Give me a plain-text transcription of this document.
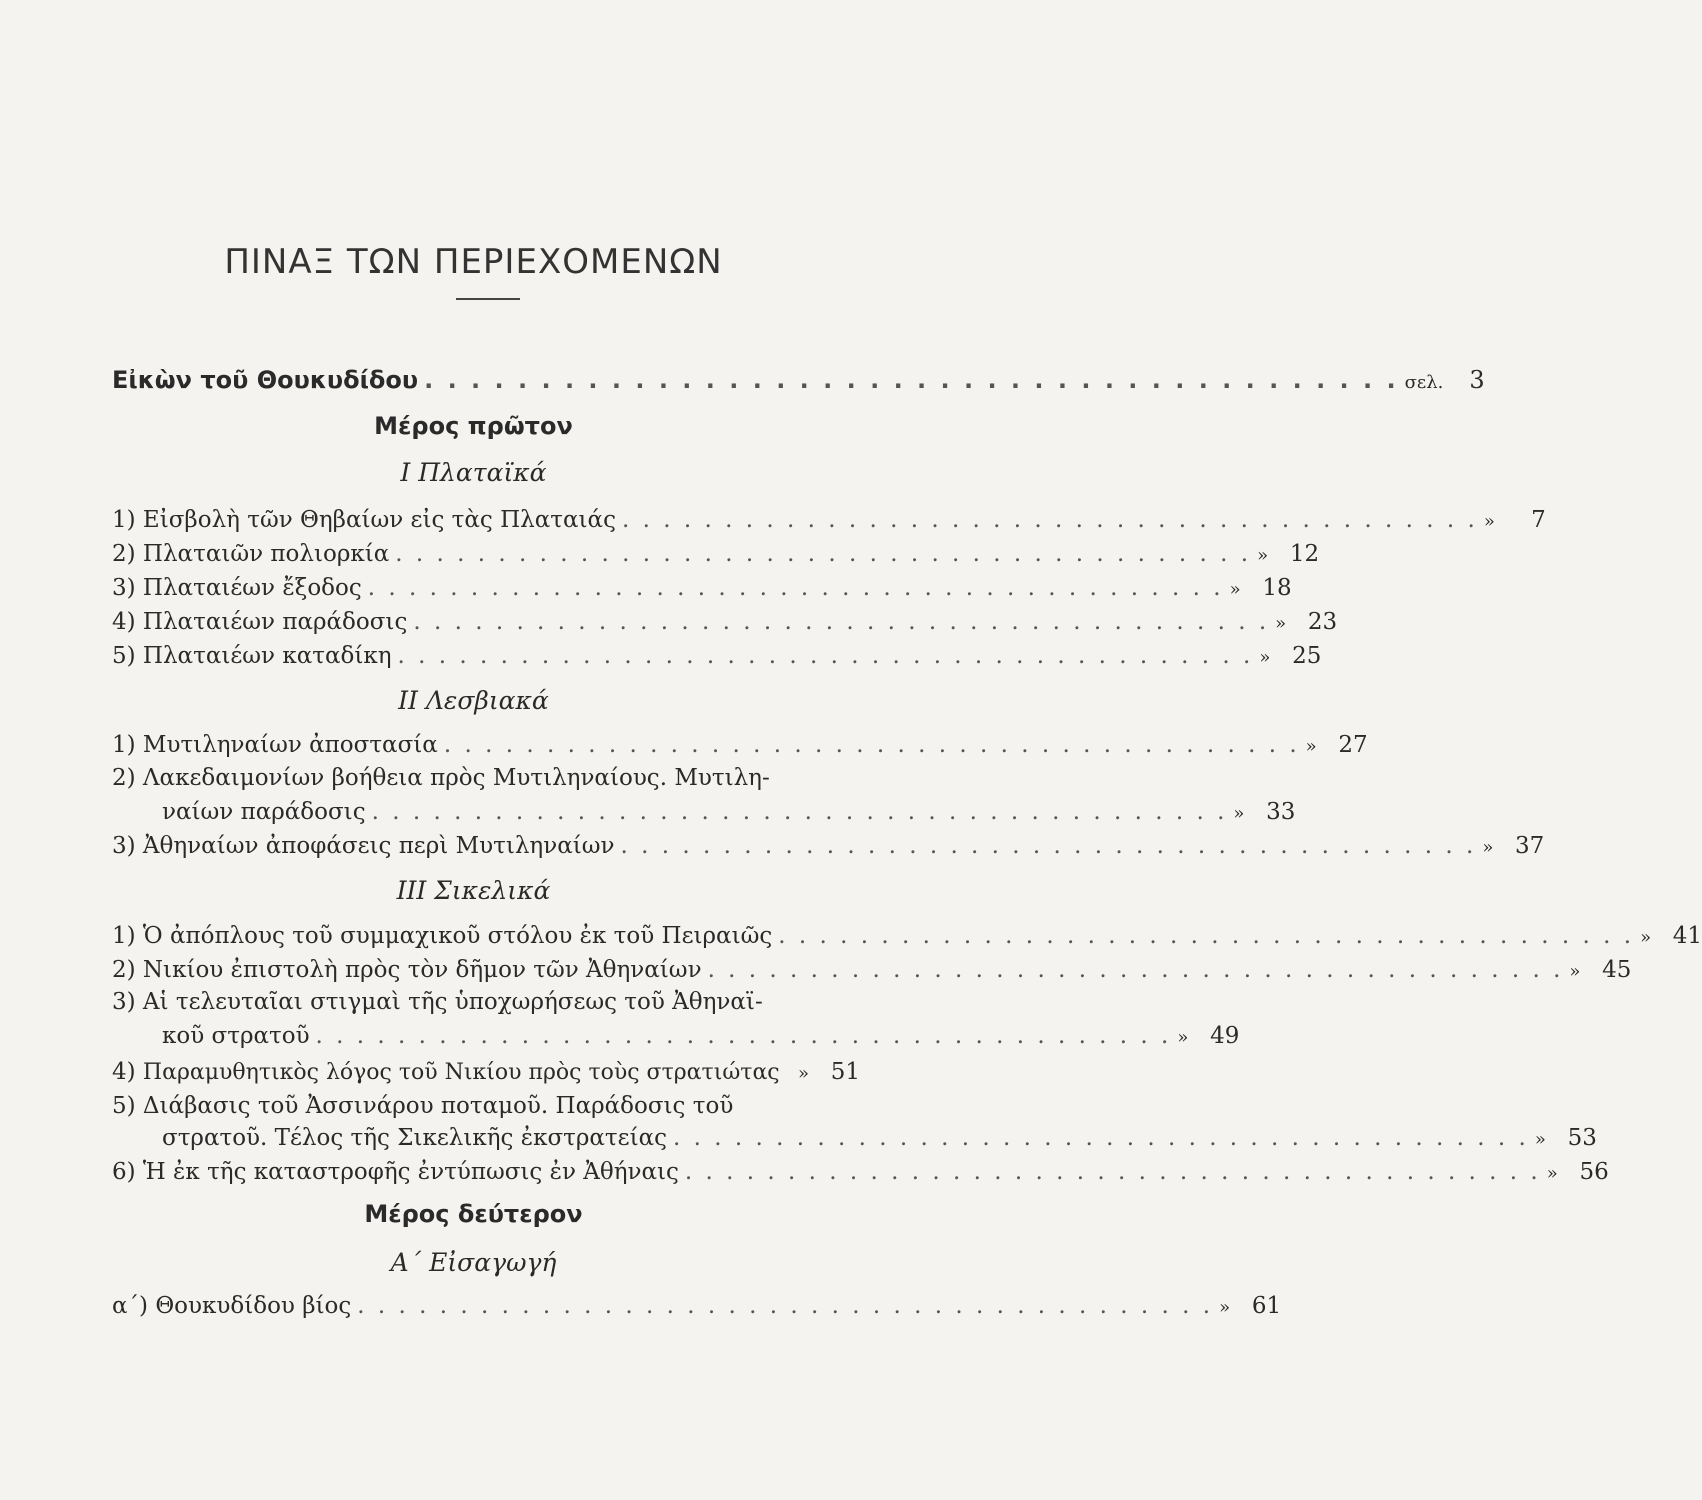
ΠΙΝΑΞ ΤΩΝ ΠΕΡΙΕΧΟΜΕΝΩΝ
Εἰκὼν τοῦ Θουκυδίδου . . . . . . . . . . . . . . . . . . . . . . . . . . . . . . . . . . . . . . . . . . σελ.	3
Μέρος πρῶτον
I Πλαταϊκά
1)
Εἰσβολὴ τῶν Θηβαίων εἰς τὰς Πλαταιάς . . . . . . . . . . . . . . . . . . . . . . . . . . . . . . . . . . . . . . . . . . »	7
2)
Πλαταιῶν πολιορκία . . . . . . . . . . . . . . . . . . . . . . . . . . . . . . . . . . . . . . . . . . » 12
3)
Πλαταιέων ἔξοδος . . . . . . . . . . . . . . . . . . . . . . . . . . . . . . . . . . . . . . . . . . » 18
4)
Πλαταιέων παράδοσις . . . . . . . . . . . . . . . . . . . . . . . . . . . . . . . . . . . . . . . . . . » 23
5)
Πλαταιέων καταδίκη . . . . . . . . . . . . . . . . . . . . . . . . . . . . . . . . . . . . . . . . . . » 25
II Λεσβιακά
1)
Μυτιληναίων ἀποστασία . . . . . . . . . . . . . . . . . . . . . . . . . . . . . . . . . . . . . . . . . . » 27
2) Λακεδαιμονίων βοήθεια πρὸς Μυτιληναίους. Μυτιλη-
ναίων παράδοσις . . . . . . . . . . . . . . . . . . . . . . . . . . . . . . . . . . . . . . . . . . » 33
3)
Ἀθηναίων ἀποφάσεις περὶ Μυτιληναίων . . . . . . . . . . . . . . . . . . . . . . . . . . . . . . . . . . . . . . . . . . » 37
III Σικελικά
1)
Ὁ ἀπόπλους τοῦ συμμαχικοῦ στόλου ἐκ τοῦ Πειραιῶς . . . . . . . . . . . . . . . . . . . . . . . . . . . . . . . . . . . . . . . . . . » 41
2)
Νικίου ἐπιστολὴ πρὸς τὸν δῆμον τῶν Ἀθηναίων . . . . . . . . . . . . . . . . . . . . . . . . . . . . . . . . . . . . . . . . . . » 45
3) Αἱ τελευταῖαι στιγμαὶ τῆς ὑποχωρήσεως τοῦ Ἀθηναϊ-
κοῦ στρατοῦ . . . . . . . . . . . . . . . . . . . . . . . . . . . . . . . . . . . . . . . . . . » 49
4)
Παραμυθητικὸς λόγος τοῦ Νικίου πρὸς τοὺς στρατιώτας » 51
5) Διάβασις τοῦ Ἀσσινάρου ποταμοῦ. Παράδοσις τοῦ
στρατοῦ. Τέλος τῆς Σικελικῆς ἐκστρατείας . . . . . . . . . . . . . . . . . . . . . . . . . . . . . . . . . . . . . . . . . . » 53
6)
Ἡ ἐκ τῆς καταστροφῆς ἐντύπωσις ἐν Ἀθήναις . . . . . . . . . . . . . . . . . . . . . . . . . . . . . . . . . . . . . . . . . . » 56
Μέρος δεύτερον
Α΄ Εἰσαγωγή
α΄)
Θουκυδίδου βίος . . . . . . . . . . . . . . . . . . . . . . . . . . . . . . . . . . . . . . . . . . » 61
